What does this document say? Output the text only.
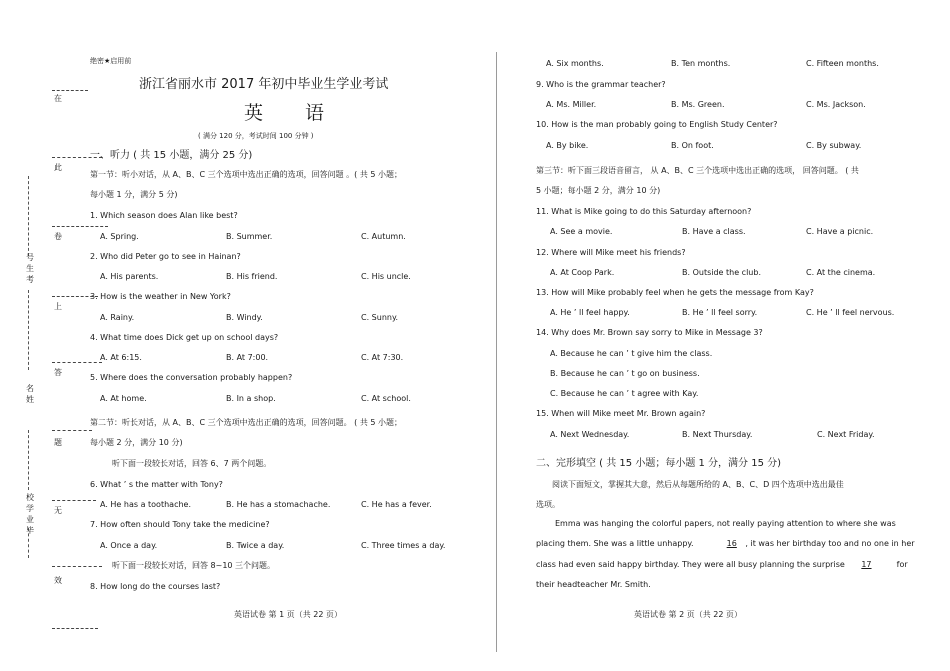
号
生
考
名
姓
校
学
业
毕
在
此
卷
上
答
题
无
效
绝密★启用前
浙江省丽水市 2017 年初中毕业生学业考试
英 语
( 满分 120 分，考试时间 100 分钟 )
一、听力 ( 共 15 小题，满分 25 分)
第一节：听小对话，从 A、B、C 三个选项中选出正确的选项，回答问题 。( 共 5 小题；
每小题 1 分，满分 5 分)
1. Which season does Alan like best?
A. Spring.	B. Summer.	C. Autumn.
2. Who did Peter go to see in Hainan?
A. His parents.	B. His friend.	C. His uncle.
3. How is the weather in New York?
A. Rainy.	B. Windy.	C. Sunny.
4. What time does Dick get up on school days?
A. At 6:15.	B. At 7:00.	C. At 7:30.
5. Where does the conversation probably happen?
A. At home.	B. In a shop.	C. At school.
第二节：听长对话，从 A、B、C 三个选项中选出正确的选项，回答问题。 ( 共 5 小题；
每小题 2 分，满分 10 分)
听下面一段较长对话，回答 6、7 两个问题。
6. What ’ s the matter with Tony?
A. He has a toothache.	B. He has a stomachache.	C. He has a fever.
7. How often should Tony take the medicine?
A. Once a day.	B. Twice a day.	C. Three times a day.
听下面一段较长对话，回答 8~10 三个问题。
8. How long do the courses last?
英语试卷 第 1 页（共 22 页）
A. Six months.	B. Ten months.	C. Fifteen months.
9. Who is the grammar teacher?
A. Ms. Miller.	B. Ms. Green.	C. Ms. Jackson.
10. How is the man probably going to English Study Center?
A. By bike.	B. On foot.	C. By subway.
第三节：听下面三段语音留言， 从 A、B、C 三个选项中选出正确的选项， 回答问题。 ( 共
5 小题；每小题 2 分，满分 10 分)
11. What is Mike going to do this Saturday afternoon?
A. See a movie.	B. Have a class.	C. Have a picnic.
12. Where will Mike meet his friends?
A. At Coop Park.	B. Outside the club.	C. At the cinema.
13. How will Mike probably feel when he gets the message from Kay?
A. He ’ ll feel happy.	B. He ’ ll feel sorry.	C. He ’ ll feel nervous.
14. Why does Mr. Brown say sorry to Mike in Message 3?
A. Because he can ’ t give him the class.
B. Because he can ’ t go on business.
C. Because he can ’ t agree with Kay.
15. When will Mike meet Mr. Brown again?
A. Next Wednesday.	B. Next Thursday.	C. Next Friday.
二、完形填空 ( 共 15 小题；每小题 1 分，满分 15 分)
阅读下面短文，掌握其大意，然后从每题所给的 A、B、C、D 四个选项中选出最佳
选项。
Emma was hanging the colorful papers, not really paying attention to where she was
placing them. She was a little unhappy.	16 , it was her birthday too and no one in her
class had even said happy birthday. They were all busy planning the surprise 17	for
their headteacher Mr. Smith.
英语试卷 第 2 页（共 22 页）
